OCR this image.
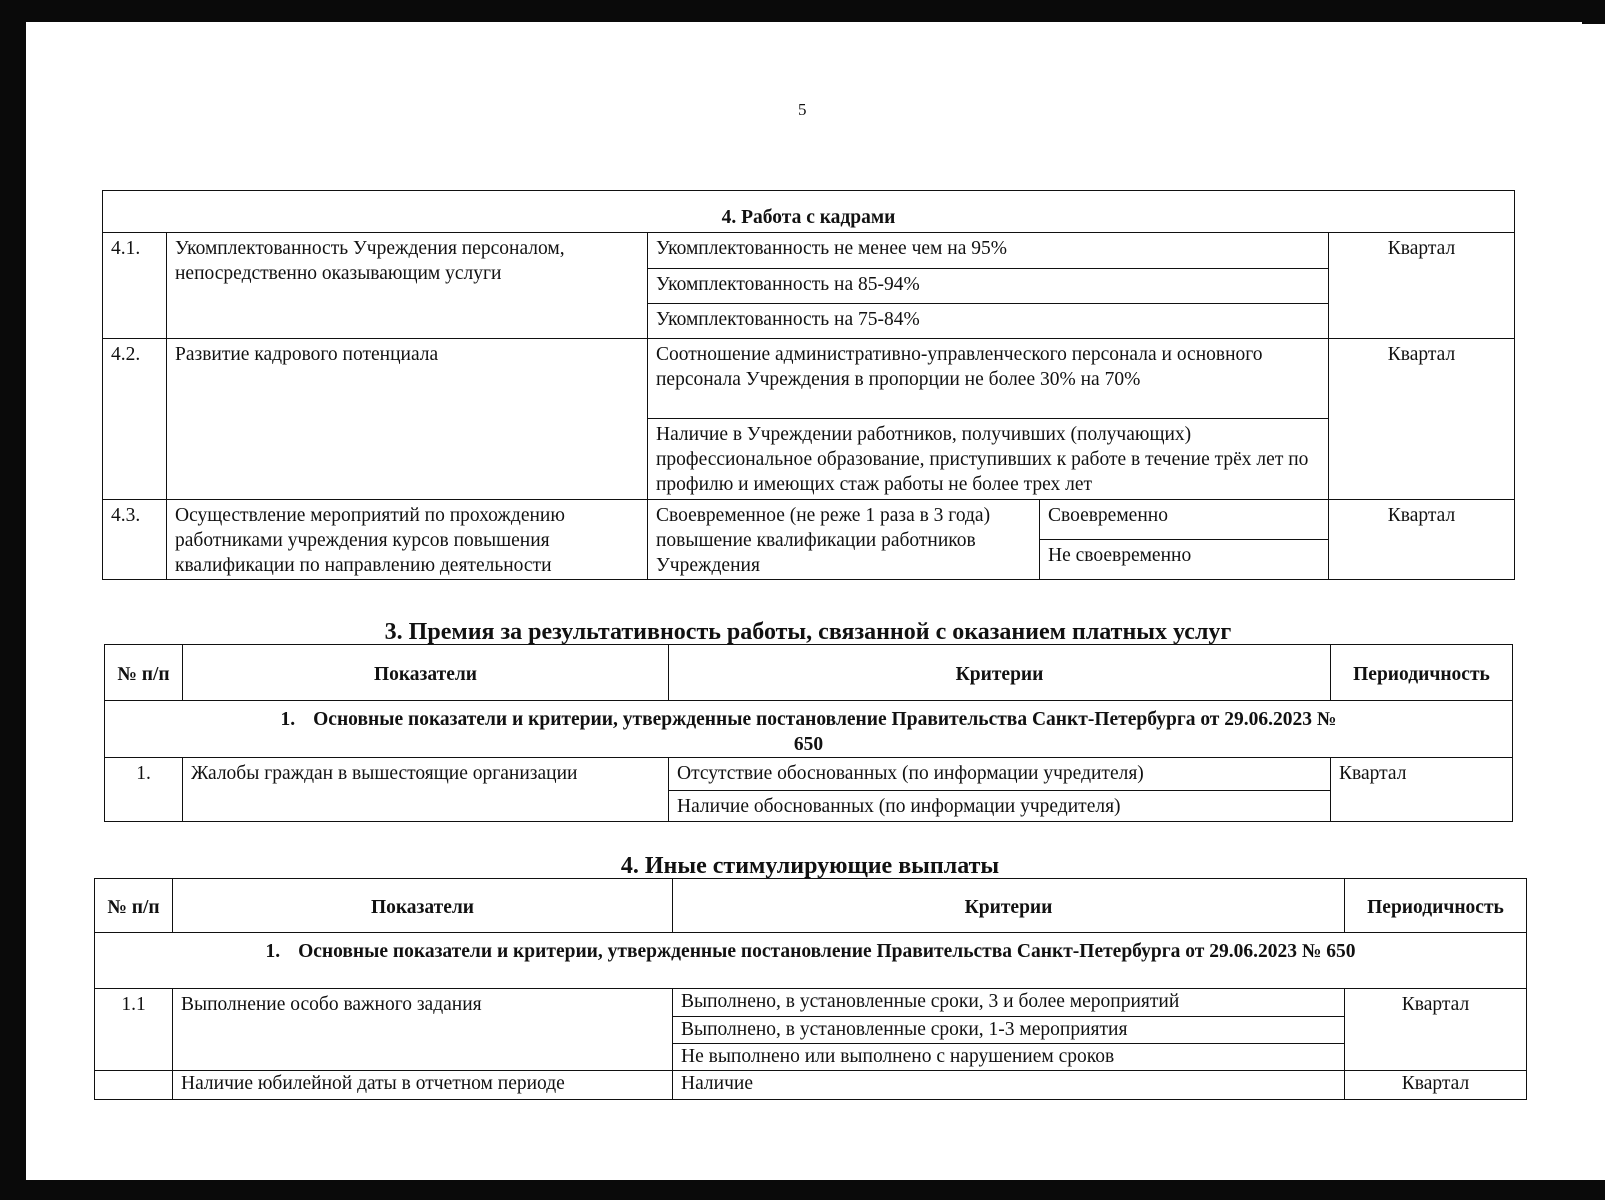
5
4. Работа с кадрами				
4.1.	Укомплектованность Учреждения персоналом, непосредственно оказывающим услуги	Укомплектованность не менее чем на 95%		Квартал
		Укомплектованность на 85-94%		
		Укомплектованность на 75-84%		
4.2.	Развитие кадрового потенциала	Соотношение административно-управленческого персонала и основного персонала Учреждения в пропорции не более 30% на 70%		Квартал
		Наличие в Учреждении работников, получивших (получающих) профессиональное образование, приступивших к работе в течение трёх лет по профилю и имеющих стаж работы не более трех лет		
4.3.	Осуществление мероприятий по прохождению работниками учреждения курсов повышения квалификации по направлению деятельности	Своевременное (не реже 1 раза в 3 года) повышение квалификации работников Учреждения	Своевременно	Квартал
			Не своевременно	
3. Премия за результативность работы, связанной с оказанием платных услуг
№ п/п	Показатели	Критерии	Периодичность
1. Основные показатели и критерии, утвержденные постановление Правительства Санкт-Петербурга от 29.06.2023 № 650			
1.	Жалобы граждан в вышестоящие организации	Отсутствие обоснованных (по информации учредителя)	Квартал
		Наличие обоснованных (по информации учредителя)	
4. Иные стимулирующие выплаты
№ п/п	Показатели	Критерии	Периодичность
1. Основные показатели и критерии, утвержденные постановление Правительства Санкт-Петербурга от 29.06.2023 № 650			
1.1	Выполнение особо важного задания	Выполнено, в установленные сроки, 3 и более мероприятий	Квартал
		Выполнено, в установленные сроки, 1-3 мероприятия	
		Не выполнено или выполнено с нарушением сроков	
	Наличие юбилейной даты в отчетном периоде	Наличие	Квартал
